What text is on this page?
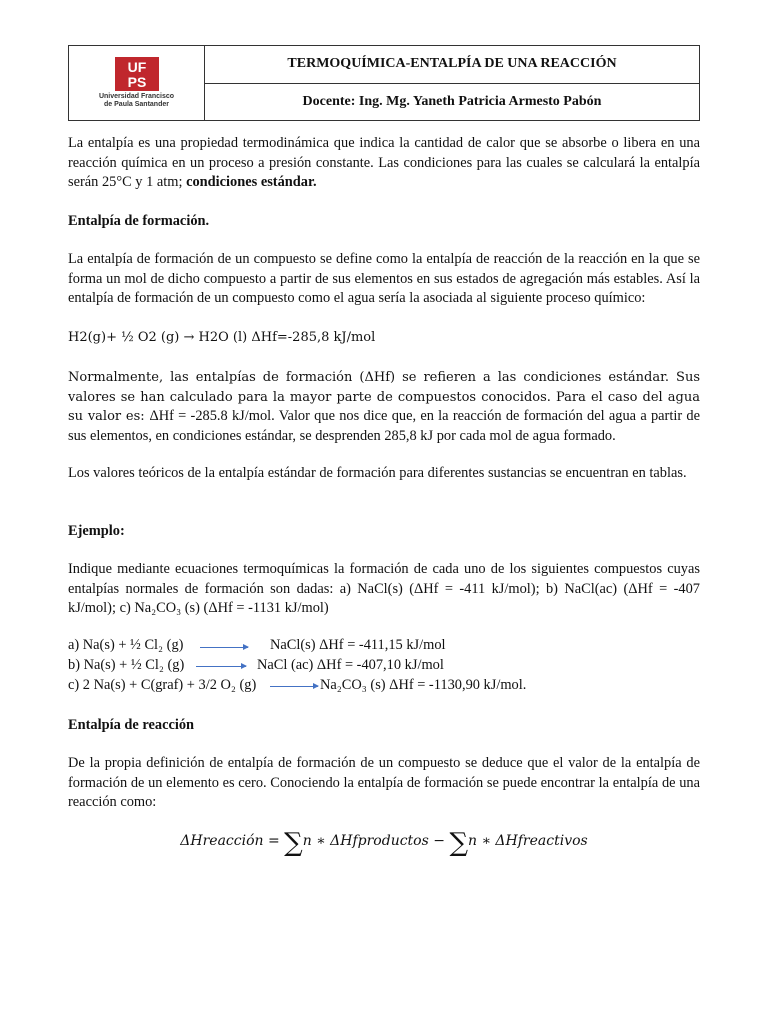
UF
PS
Universidad Francisco
de Paula Santander
TERMOQUÍMICA-ENTALPÍA DE UNA REACCIÓN
Docente: Ing. Mg. Yaneth Patricia Armesto Pabón

La entalpía es una propiedad termodinámica que indica la cantidad de calor que se absorbe o libera en una reacción química en un proceso a presión constante. Las condiciones para las cuales se calculará la entalpía serán 25°C y 1 atm; condiciones estándar.

Entalpía de formación.

La entalpía de formación de un compuesto se define como la entalpía de reacción de la reacción en la que se forma un mol de dicho compuesto a partir de sus elementos en sus estados de agregación más estables. Así la entalpía de formación de un compuesto como el agua sería la asociada al siguiente proceso químico:

H2(g)+ ½ O2 (g) → H2O (l) ΔHf=-285,8 kJ/mol

Normalmente, las entalpías de formación (ΔHf) se refieren a las condiciones estándar. Sus valores se han calculado para la mayor parte de compuestos conocidos. Para el caso del agua su valor es: ΔHf = -285.8 kJ/mol. Valor que nos dice que, en la reacción de formación del agua a partir de sus elementos, en condiciones estándar, se desprenden 285,8 kJ por cada mol de agua formado.

Los valores teóricos de la entalpía estándar de formación para diferentes sustancias se encuentran en tablas.

Ejemplo:

Indique mediante ecuaciones termoquímicas la formación de cada uno de los siguientes compuestos cuyas entalpías normales de formación son dadas: a) NaCl(s) (ΔHf = -411 kJ/mol); b) NaCl(ac) (ΔHf = -407 kJ/mol); c) Na₂CO₃ (s) (ΔHf = -1131 kJ/mol)

a) Na(s) + ½ Cl₂ (g)	NaCl(s) ΔHf = -411,15 kJ/mol
b) Na(s) + ½ Cl₂ (g)	NaCl (ac) ΔHf = -407,10 kJ/mol
c) 2 Na(s) + C(graf) + 3/2 O₂ (g)	Na₂CO₃ (s) ΔHf = -1130,90 kJ/mol.

Entalpía de reacción

De la propia definición de entalpía de formación de un compuesto se deduce que el valor de la entalpía de formación de un elemento es cero. Conociendo la entalpía de formación se puede encontrar la entalpía de una reacción como:

ΔHreacción = ∑n ∗ ΔHfproductos − ∑n ∗ ΔHfreactivos
